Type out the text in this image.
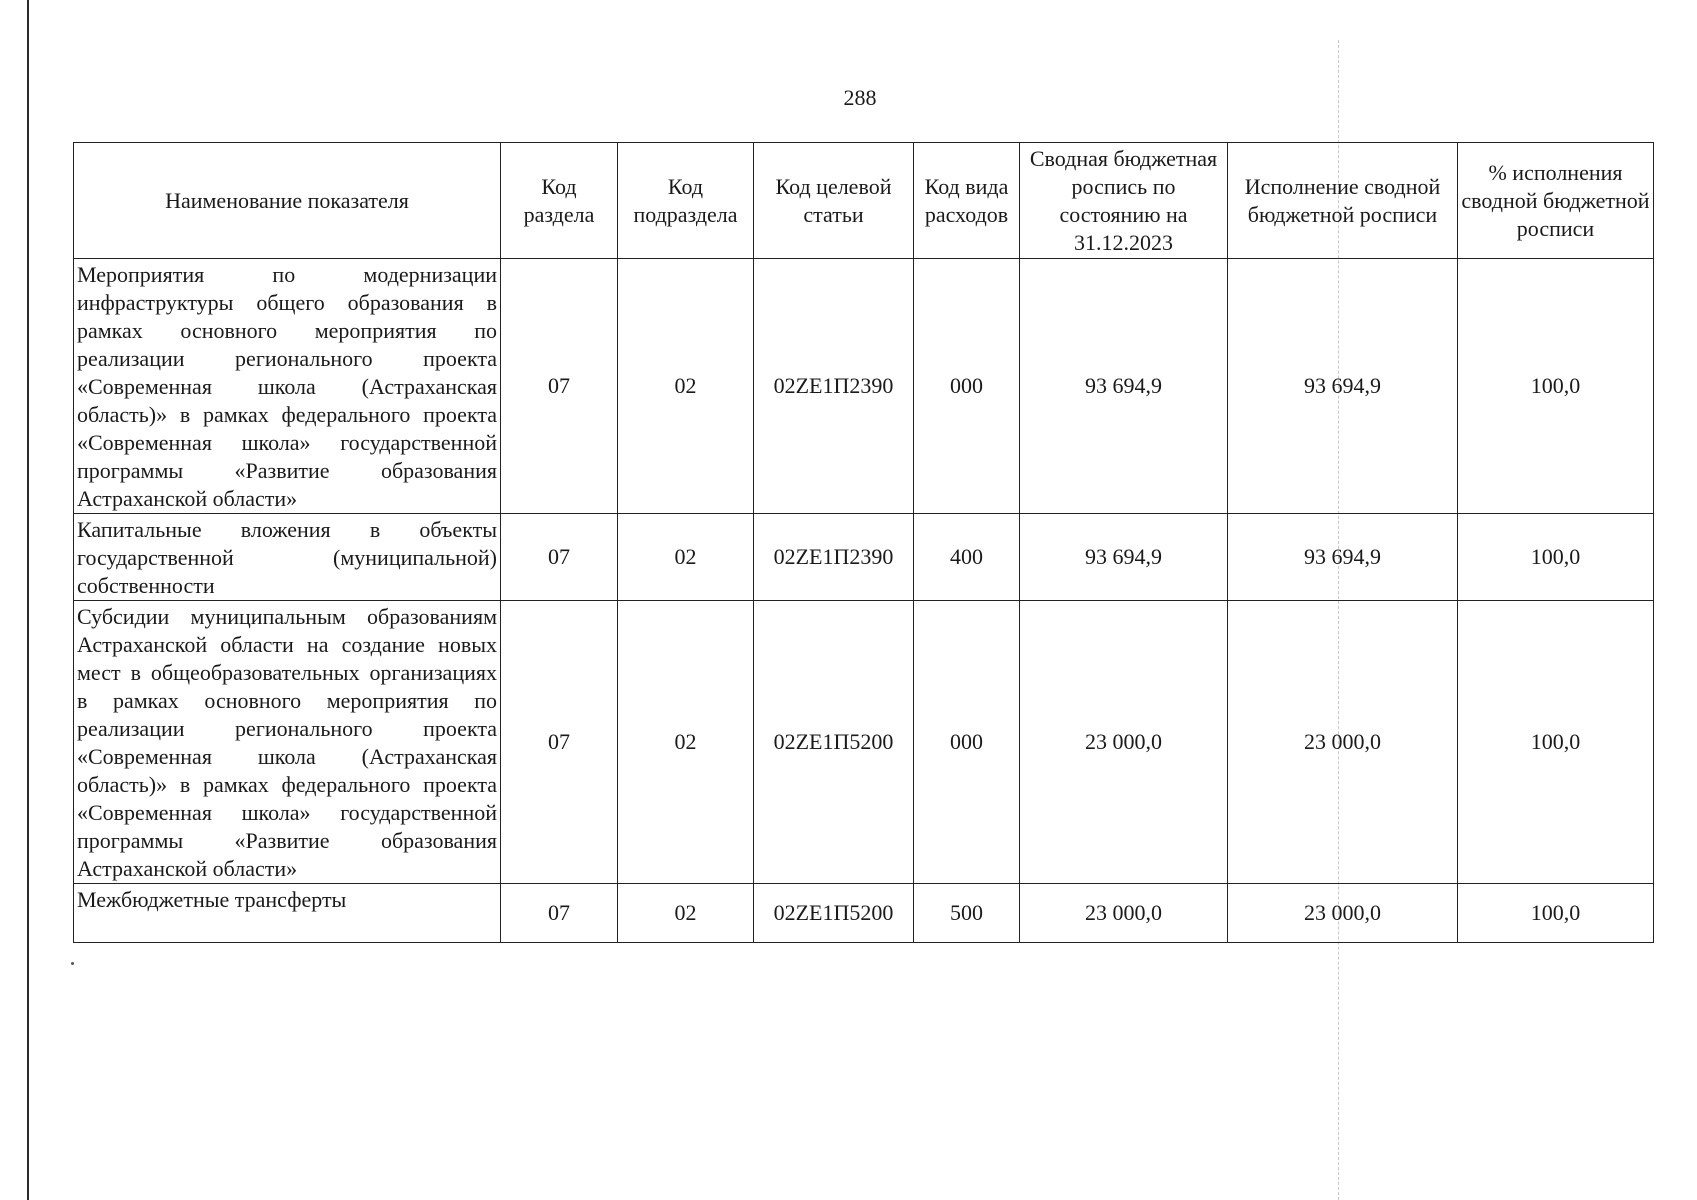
288
Наименование показателя	Код раздела	Код подраздела	Код целевой статьи	Код вида расходов	Сводная бюджетная роспись по состоянию на 31.12.2023	Исполнение сводной бюджетной росписи	% исполнения сводной бюджетной росписи
Мероприятия по модернизации инфраструктуры общего образования в рамках основного мероприятия по реализации регионального проекта «Современная школа (Астраханская область)» в рамках федерального проекта «Современная школа» государственной программы «Развитие образования Астраханской области»	07	02	02ZE1П2390	000	93 694,9	93 694,9	100,0
Капитальные вложения в объекты государственной (муниципальной) собственности	07	02	02ZE1П2390	400	93 694,9	93 694,9	100,0
Субсидии муниципальным образованиям Астраханской области на создание новых мест в общеобразовательных организациях в рамках основного мероприятия по реализации регионального проекта «Современная школа (Астраханская область)» в рамках федерального проекта «Современная школа» государственной программы «Развитие образования Астраханской области»	07	02	02ZE1П5200	000	23 000,0	23 000,0	100,0
Межбюджетные трансферты	07	02	02ZE1П5200	500	23 000,0	23 000,0	100,0
